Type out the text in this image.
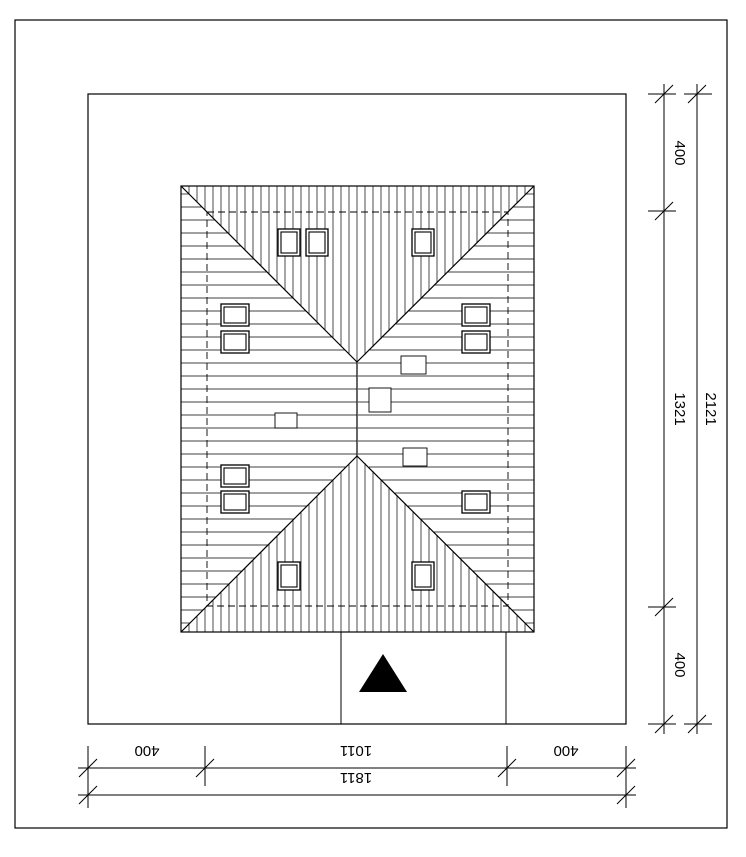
400	1011	400
1811
400
1321
400
2121
